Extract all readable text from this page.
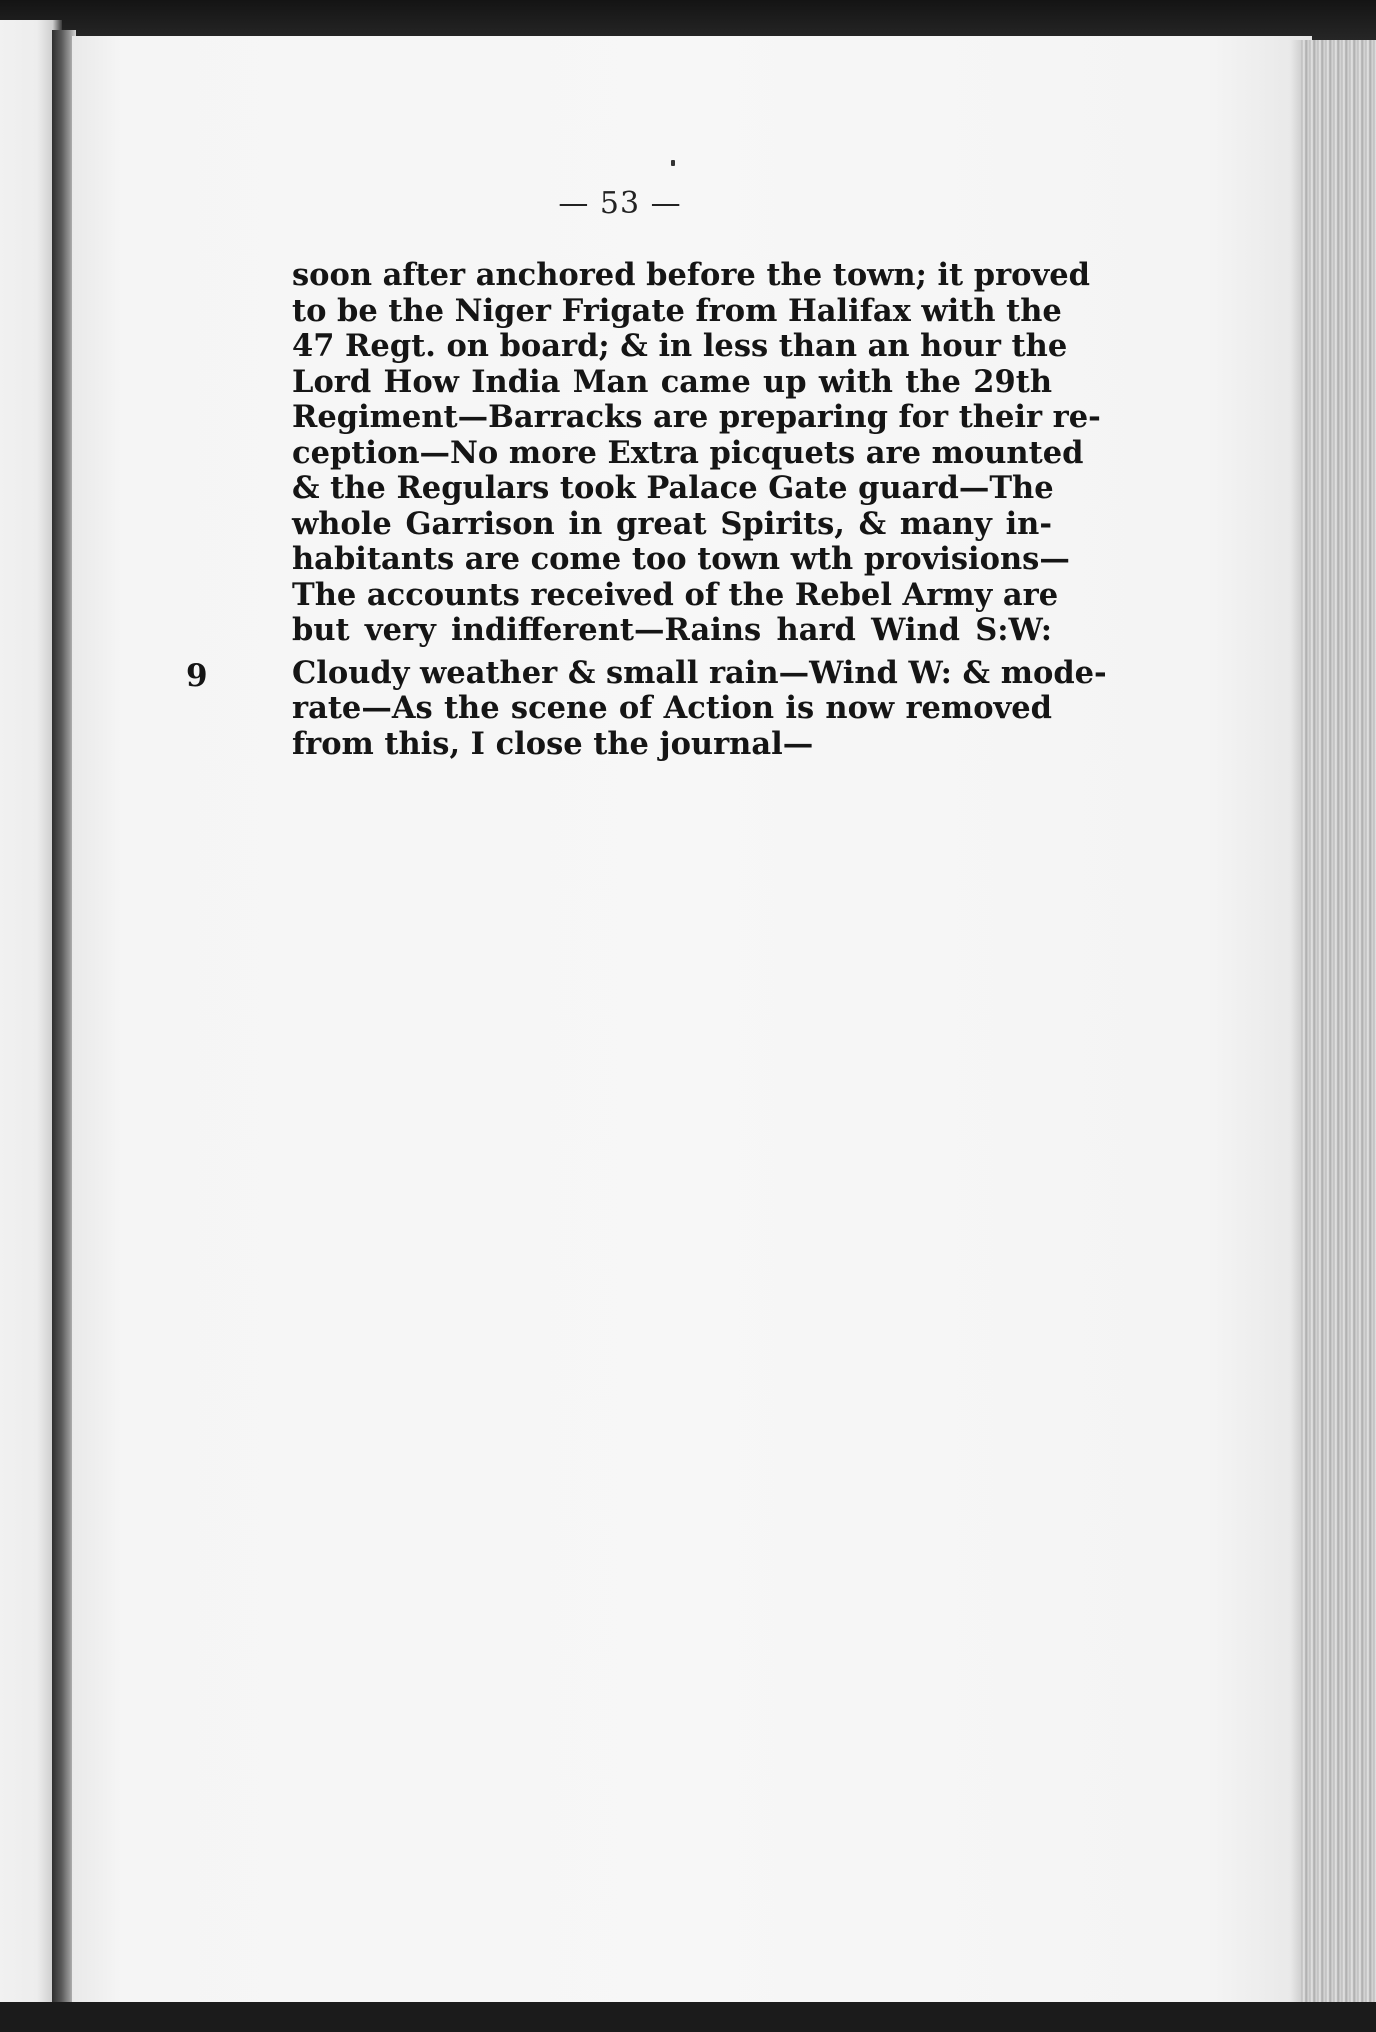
— 53 —
soon after anchored before the town; it proved
to be the Niger Frigate from Halifax with the
47 Regt. on board; & in less than an hour the
Lord How India Man came up with the 29th
Regiment—Barracks are preparing for their re-
ception—No more Extra picquets are mounted
& the Regulars took Palace Gate guard—The
whole Garrison in great Spirits, & many in-
habitants are come too town wth provisions—
The accounts received of the Rebel Army are
but very indifferent—Rains hard Wind S:W:
Cloudy weather & small rain—Wind W: & mode-
rate—As the scene of Action is now removed
from this, I close the journal—
9
